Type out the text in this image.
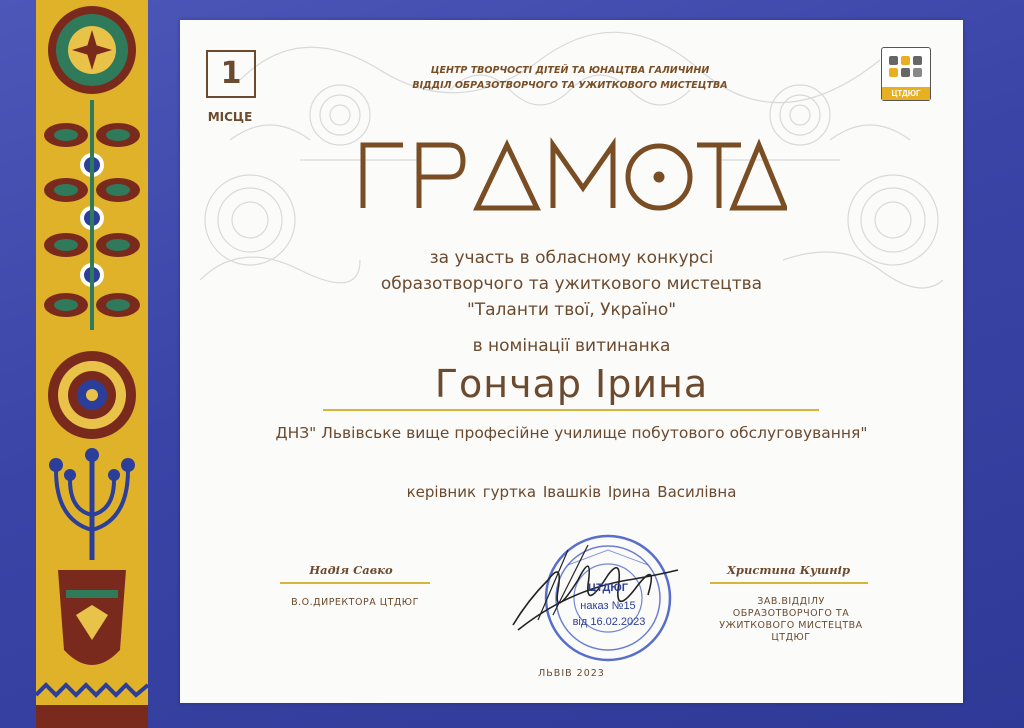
1
МІСЦЕ
ЦЕНТР ТВОРЧОСТІ ДІТЕЙ ТА ЮНАЦТВА ГАЛИЧИНИ
ВІДДІЛ ОБРАЗОТВОРЧОГО ТА УЖИТКОВОГО МИСТЕЦТВА
ЦТДЮГ
за участь в обласному конкурсі
образотворчого та ужиткового мистецтва
"Таланти твої, Україно"
в номінації витинанка
Гончар Ірина
ДНЗ" Львівське вище професійне училище побутового обслуговування"
керівник гуртка Івашків Ірина Василівна
Надія Савко
В.О.ДИРЕКТОРА ЦТДЮГ
Христина Кушнір
ЗАВ.ВІДДІЛУ
ОБРАЗОТВОРЧОГО ТА
УЖИТКОВОГО МИСТЕЦТВА
ЦТДЮГ
ЦТДЮГ
наказ №15
від 16.02.2023
ЛЬВІВ 2023
